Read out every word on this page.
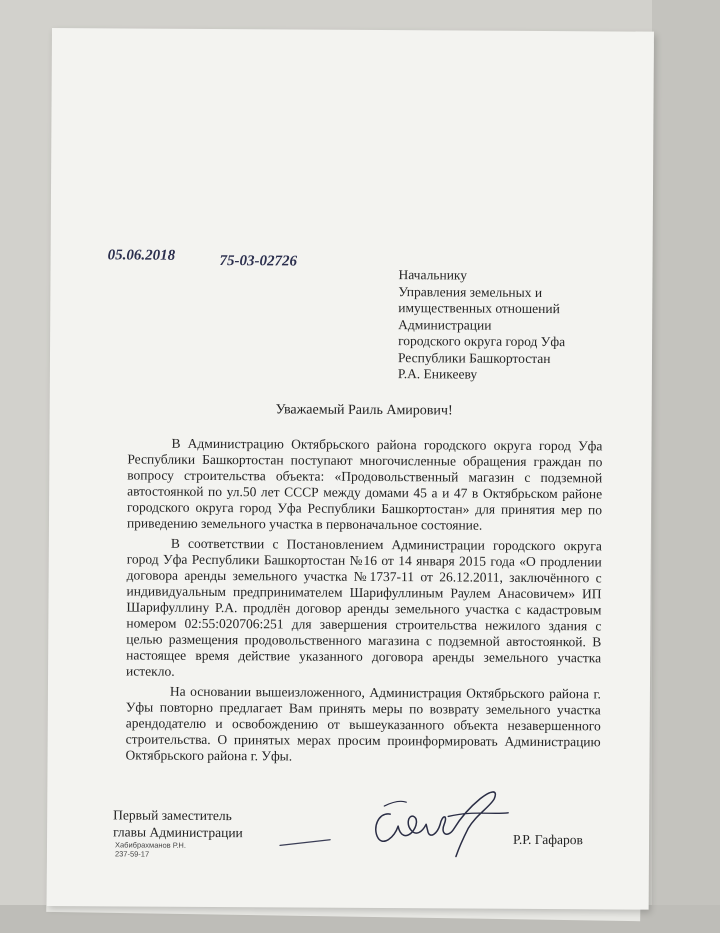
05.06.2018	75-03-02726
Начальнику
Управления земельных и
имущественных отношений
Администрации
городского округа город Уфа
Республики Башкортостан
Р.А. Еникееву
Уважаемый Раиль Амирович!

В Администрацию Октябрьского района городского округа город Уфа Республики Башкортостан поступают многочисленные обращения граждан по вопросу строительства объекта: «Продовольственный магазин с подземной автостоянкой по ул.50 лет СССР между домами 45 а и 47 в Октябрьском районе городского округа город Уфа Республики Башкортостан» для принятия мер по приведению земельного участка в первоначальное состояние.

В соответствии с Постановлением Администрации городского округа город Уфа Республики Башкортостан №16 от 14 января 2015 года «О продлении договора аренды земельного участка №1737-11 от 26.12.2011, заключённого с индивидуальным предпринимателем Шарифуллиным Раулем Анасовичем» ИП Шарифуллину Р.А. продлён договор аренды земельного участка с кадастровым номером 02:55:020706:251 для завершения строительства нежилого здания с целью размещения продовольственного магазина с подземной автостоянкой. В настоящее время действие указанного договора аренды земельного участка истекло.

На основании вышеизложенного, Администрация Октябрьского района г. Уфы повторно предлагает Вам принять меры по возврату земельного участка арендодателю и освобождению от вышеуказанного объекта незавершенного строительства. О принятых мерах просим проинформировать Администрацию Октябрьского района г. Уфы.

Первый заместитель
главы Администрации
Хабибрахманов Р.Н.
237-59-17
Р.Р. Гафаров
